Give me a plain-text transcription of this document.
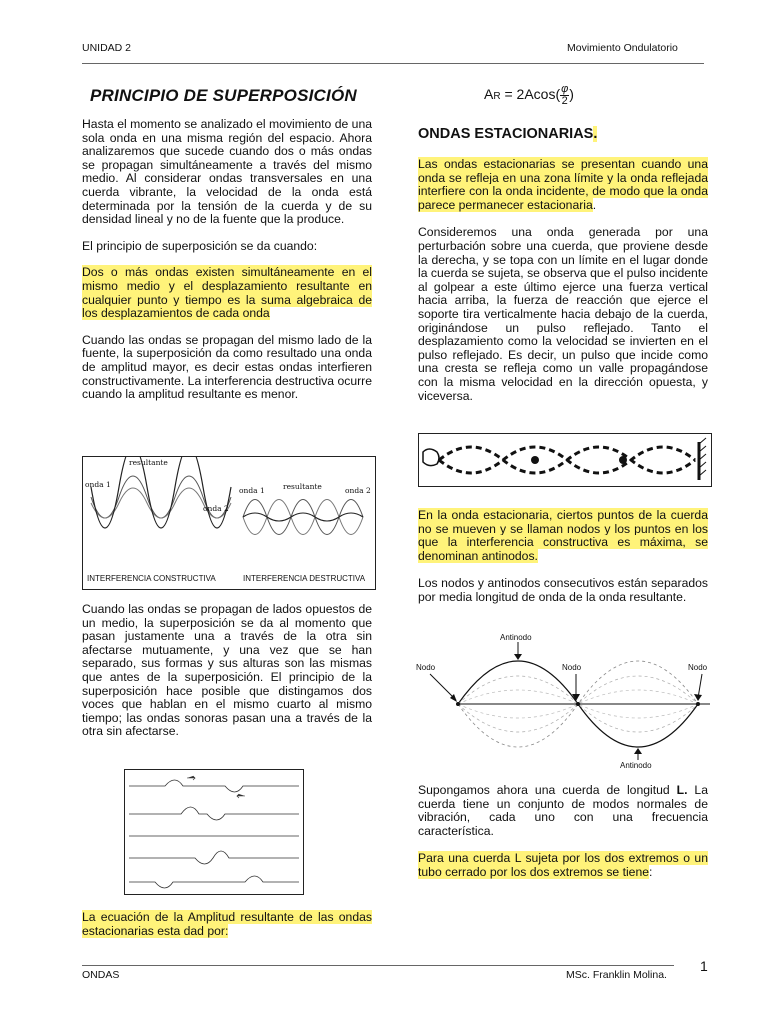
UNIDAD 2	Movimiento Ondulatorio
PRINCIPIO DE SUPERPOSICIÓN

Hasta el momento se analizado el movimiento de una sola onda en una misma región del espacio. Ahora analizaremos que sucede cuando dos o más ondas se propagan simultáneamente a través del mismo medio. Al considerar ondas transversales en una cuerda vibrante, la velocidad de la onda está determinada por la tensión de la cuerda y de su densidad lineal y no de la fuente que la produce.

El principio de superposición se da cuando:

Dos o más ondas existen simultáneamente en el mismo medio y el desplazamiento resultante en cualquier punto y tiempo es la suma algebraica de los desplazamientos de cada onda

Cuando las ondas se propagan del mismo lado de la fuente, la superposición da como resultado una onda de amplitud mayor, es decir estas ondas interfieren constructivamente. La interferencia destructiva ocurre cuando la amplitud resultante es menor.

resultante
onda 1
onda 2
onda 1 resultante	onda 2
INTERFERENCIA CONSTRUCTIVA	INTERFERENCIA DESTRUCTIVA

Cuando las ondas se propagan de lados opuestos de un medio, la superposición se da al momento que pasan justamente una a través de la otra sin afectarse mutuamente, y una vez que se han separado, sus formas y sus alturas son las mismas que antes de la superposición. El principio de la superposición hace posible que distingamos dos voces que hablan en el mismo cuarto al mismo tiempo; las ondas sonoras pasan una a través de la otra sin afectarse.

La ecuación de la Amplitud resultante de las ondas estacionarias esta dad por:

AR = $2Acos( \frac{\varphi}{2}$ )
ONDAS ESTACIONARIAS.

Las ondas estacionarias se presentan cuando una onda se refleja en una zona límite y la onda reflejada interfiere con la onda incidente, de modo que la onda parece permanecer estacionaria.

Consideremos una onda generada por una perturbación sobre una cuerda, que proviene desde la derecha, y se topa con un límite en el lugar donde la cuerda se sujeta, se observa que el pulso incidente al golpear a este último ejerce una fuerza vertical hacia arriba, la fuerza de reacción que ejerce el soporte tira verticalmente hacia debajo de la cuerda, originándose un pulso reflejado. Tanto el desplazamiento como la velocidad se invierten en el pulso reflejado. Es decir, un pulso que incide como una cresta se refleja como un valle propagándose con la misma velocidad en la dirección opuesta, y viceversa.

En la onda estacionaria, ciertos puntos de la cuerda no se mueven y se llaman nodos y los puntos en los que la interferencia constructiva es máxima, se denominan antinodos.

Los nodos y antinodos consecutivos están separados por media longitud de onda de la onda resultante.

Antinodo
Nodo	Nodo	Nodo
Antinodo

Supongamos ahora una cuerda de longitud L. La cuerda tiene un conjunto de modos normales de vibración, cada uno con una frecuencia característica.

Para una cuerda L sujeta por los dos extremos o un tubo cerrado por los dos extremos se tiene:

ONDAS	MSc. Franklin Molina.
1
